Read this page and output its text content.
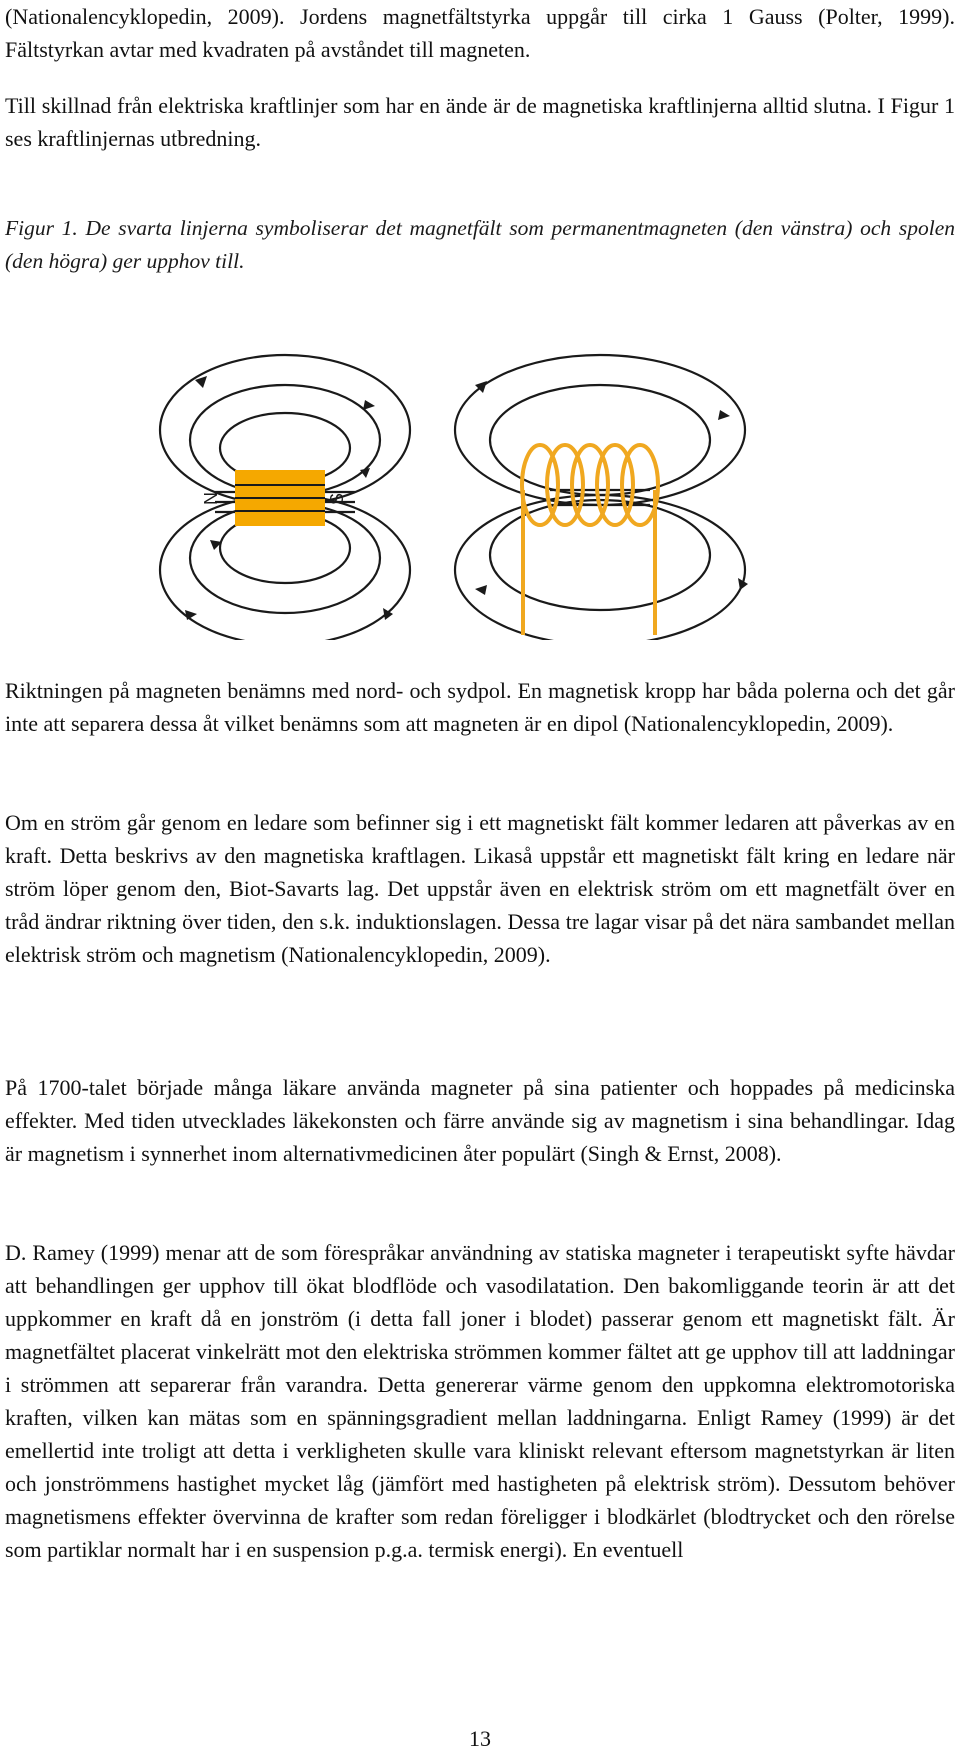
(Nationalencyklopedin, 2009). Jordens magnetfältstyrka uppgår till cirka 1 Gauss (Polter, 1999). Fältstyrkan avtar med kvadraten på avståndet till magneten.

Till skillnad från elektriska kraftlinjer som har en ände är de magnetiska kraftlinjerna alltid slutna. I Figur 1 ses kraftlinjernas utbredning.

Figur 1. De svarta linjerna symboliserar det magnetfält som permanentmagneten (den vänstra) och spolen (den högra) ger upphov till.

N	S

Riktningen på magneten benämns med nord- och sydpol. En magnetisk kropp har båda polerna och det går inte att separera dessa åt vilket benämns som att magneten är en dipol (Nationalencyklopedin, 2009).

Om en ström går genom en ledare som befinner sig i ett magnetiskt fält kommer ledaren att påverkas av en kraft. Detta beskrivs av den magnetiska kraftlagen. Likaså uppstår ett magnetiskt fält kring en ledare när ström löper genom den, Biot-Savarts lag. Det uppstår även en elektrisk ström om ett magnetfält över en tråd ändrar riktning över tiden, den s.k. induktionslagen. Dessa tre lagar visar på det nära sambandet mellan elektrisk ström och magnetism (Nationalencyklopedin, 2009).

På 1700-talet började många läkare använda magneter på sina patienter och hoppades på medicinska effekter. Med tiden utvecklades läkekonsten och färre använde sig av magnetism i sina behandlingar. Idag är magnetism i synnerhet inom alternativmedicinen åter populärt (Singh & Ernst, 2008).

D. Ramey (1999) menar att de som förespråkar användning av statiska magneter i terapeutiskt syfte hävdar att behandlingen ger upphov till ökat blodflöde och vasodilatation. Den bakomliggande teorin är att det uppkommer en kraft då en jonström (i detta fall joner i blodet) passerar genom ett magnetiskt fält. Är magnetfältet placerat vinkelrätt mot den elektriska strömmen kommer fältet att ge upphov till att laddningar i strömmen att separerar från varandra. Detta genererar värme genom den uppkomna elektromotoriska kraften, vilken kan mätas som en spänningsgradient mellan laddningarna. Enligt Ramey (1999) är det emellertid inte troligt att detta i verkligheten skulle vara kliniskt relevant eftersom magnetstyrkan är liten och jonströmmens hastighet mycket låg (jämfört med hastigheten på elektrisk ström). Dessutom behöver magnetismens effekter övervinna de krafter som redan föreligger i blodkärlet (blodtrycket och den rörelse som partiklar normalt har i en suspension p.g.a. termisk energi). En eventuell

13
